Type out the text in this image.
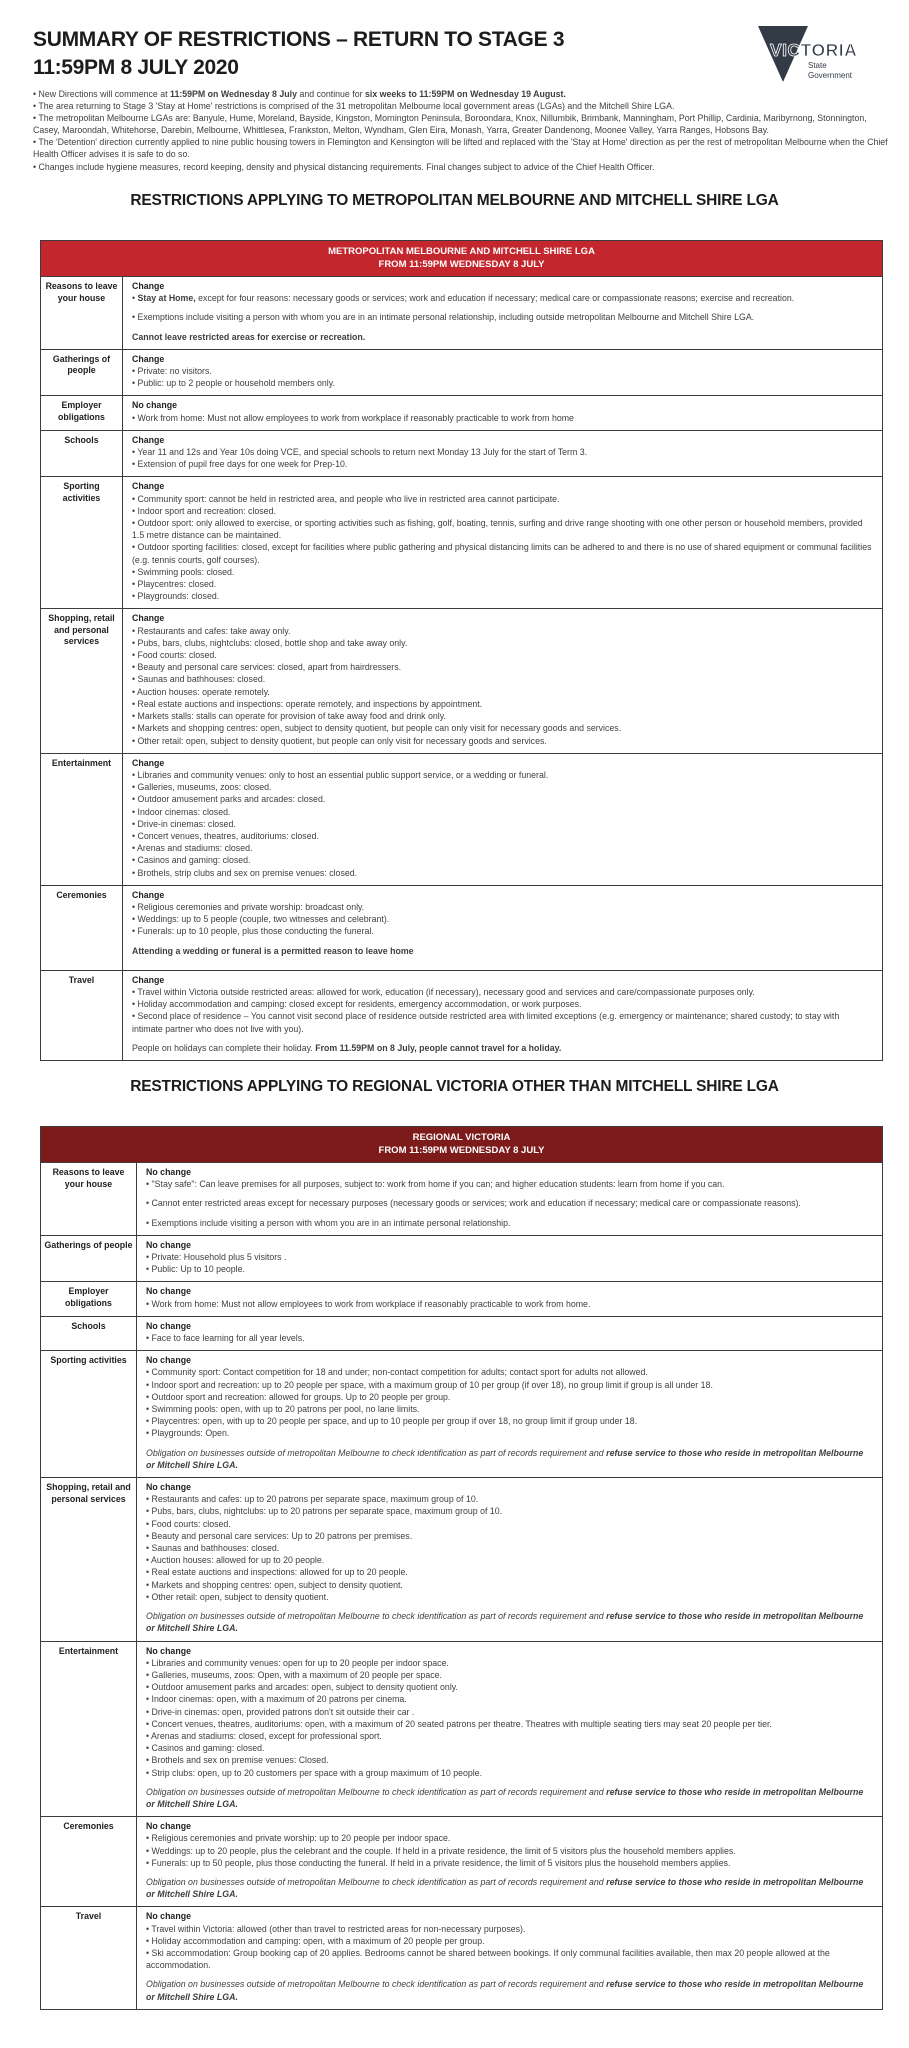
SUMMARY OF RESTRICTIONS – RETURN TO STAGE 3
11:59PM 8 JULY 2020
VICTORIA
State
Government
• New Directions will commence at 11:59PM on Wednesday 8 July and continue for six weeks to 11:59PM on Wednesday 19 August.
• The area returning to Stage 3 'Stay at Home' restrictions is comprised of the 31 metropolitan Melbourne local government areas (LGAs) and the Mitchell Shire LGA.
• The metropolitan Melbourne LGAs are: Banyule, Hume, Moreland, Bayside, Kingston, Mornington Peninsula, Boroondara, Knox, Nillumbik, Brimbank, Manningham, Port Phillip, Cardinia, Maribyrnong, Stonnington, Casey, Maroondah, Whitehorse, Darebin, Melbourne, Whittlesea, Frankston, Melton, Wyndham, Glen Eira, Monash, Yarra, Greater Dandenong, Moonee Valley, Yarra Ranges, Hobsons Bay.
• The 'Detention' direction currently applied to nine public housing towers in Flemington and Kensington will be lifted and replaced with the 'Stay at Home' direction as per the rest of metropolitan Melbourne when the Chief Health Officer advises it is safe to do so.
• Changes include hygiene measures, record keeping, density and physical distancing requirements. Final changes subject to advice of the Chief Health Officer.
RESTRICTIONS APPLYING TO METROPOLITAN MELBOURNE AND MITCHELL SHIRE LGA
METROPOLITAN MELBOURNE AND MITCHELL SHIRE LGA
FROM 11:59PM WEDNESDAY 8 JULY
Reasons to leave your house
Change
• Stay at Home, except for four reasons: necessary goods or services; work and education if necessary; medical care or compassionate reasons; exercise and recreation.
• Exemptions include visiting a person with whom you are in an intimate personal relationship, including outside metropolitan Melbourne and Mitchell Shire LGA.
Cannot leave restricted areas for exercise or recreation.
Gatherings of people
Change
• Private: no visitors.
• Public: up to 2 people or household members only.
Employer obligations
No change
• Work from home: Must not allow employees to work from workplace if reasonably practicable to work from home
Schools	Change
• Year 11 and 12s and Year 10s doing VCE, and special schools to return next Monday 13 July for the start of Term 3.
• Extension of pupil free days for one week for Prep-10.
Sporting activities
Change
• Community sport: cannot be held in restricted area, and people who live in restricted area cannot participate.
• Indoor sport and recreation: closed.
• Outdoor sport: only allowed to exercise, or sporting activities such as fishing, golf, boating, tennis, surfing and drive range shooting with one other person or household members, provided 1.5 metre distance can be maintained.
• Outdoor sporting facilities: closed, except for facilities where public gathering and physical distancing limits can be adhered to and there is no use of shared equipment or communal facilities (e.g. tennis courts, golf courses).
• Swimming pools: closed.
• Playcentres: closed.
• Playgrounds: closed.
Shopping, retail and personal services
Change
• Restaurants and cafes: take away only.
• Pubs, bars, clubs, nightclubs: closed, bottle shop and take away only.
• Food courts: closed.
• Beauty and personal care services: closed, apart from hairdressers.
• Saunas and bathhouses: closed.
• Auction houses: operate remotely.
• Real estate auctions and inspections: operate remotely, and inspections by appointment.
• Markets stalls: stalls can operate for provision of take away food and drink only.
• Markets and shopping centres: open, subject to density quotient, but people can only visit for necessary goods and services.
• Other retail: open, subject to density quotient, but people can only visit for necessary goods and services.
Entertainment	Change
• Libraries and community venues: only to host an essential public support service, or a wedding or funeral.
• Galleries, museums, zoos: closed.
• Outdoor amusement parks and arcades: closed.
• Indoor cinemas: closed.
• Drive-in cinemas: closed.
• Concert venues, theatres, auditoriums: closed.
• Arenas and stadiums: closed.
• Casinos and gaming: closed.
• Brothels, strip clubs and sex on premise venues: closed.
Ceremonies	Change
• Religious ceremonies and private worship: broadcast only.
• Weddings: up to 5 people (couple, two witnesses and celebrant).
• Funerals: up to 10 people, plus those conducting the funeral.
Attending a wedding or funeral is a permitted reason to leave home
Travel	Change
• Travel within Victoria outside restricted areas: allowed for work, education (if necessary), necessary good and services and care/compassionate purposes only.
• Holiday accommodation and camping: closed except for residents, emergency accommodation, or work purposes.
• Second place of residence – You cannot visit second place of residence outside restricted area with limited exceptions (e.g. emergency or maintenance; shared custody; to stay with intimate partner who does not live with you).
People on holidays can complete their holiday. From 11.59PM on 8 July, people cannot travel for a holiday.
RESTRICTIONS APPLYING TO REGIONAL VICTORIA OTHER THAN MITCHELL SHIRE LGA
REGIONAL VICTORIA
FROM 11:59PM WEDNESDAY 8 JULY
Reasons to leave your house
No change
• "Stay safe": Can leave premises for all purposes, subject to: work from home if you can; and higher education students: learn from home if you can.
• Cannot enter restricted areas except for necessary purposes (necessary goods or services; work and education if necessary; medical care or compassionate reasons).
• Exemptions include visiting a person with whom you are in an intimate personal relationship.
Gatherings of people	No change
• Private: Household plus 5 visitors .
• Public: Up to 10 people.
Employer obligations
No change
• Work from home: Must not allow employees to work from workplace if reasonably practicable to work from home.
Schools	No change
• Face to face learning for all year levels.
Sporting activities	No change
• Community sport: Contact competition for 18 and under; non-contact competition for adults; contact sport for adults not allowed.
• Indoor sport and recreation: up to 20 people per space, with a maximum group of 10 per group (if over 18), no group limit if group is all under 18.
• Outdoor sport and recreation: allowed for groups. Up to 20 people per group.
• Swimming pools: open, with up to 20 patrons per pool, no lane limits.
• Playcentres: open, with up to 20 people per space, and up to 10 people per group if over 18, no group limit if group under 18.
• Playgrounds: Open.
Obligation on businesses outside of metropolitan Melbourne to check identification as part of records requirement and refuse service to those who reside in metropolitan Melbourne or Mitchell Shire LGA.
Shopping, retail and personal services
No change
• Restaurants and cafes: up to 20 patrons per separate space, maximum group of 10.
• Pubs, bars, clubs, nightclubs: up to 20 patrons per separate space, maximum group of 10.
• Food courts: closed.
• Beauty and personal care services: Up to 20 patrons per premises.
• Saunas and bathhouses: closed.
• Auction houses: allowed for up to 20 people.
• Real estate auctions and inspections: allowed for up to 20 people.
• Markets and shopping centres: open, subject to density quotient.
• Other retail: open, subject to density quotient.
Obligation on businesses outside of metropolitan Melbourne to check identification as part of records requirement and refuse service to those who reside in metropolitan Melbourne or Mitchell Shire LGA.
Entertainment	No change
• Libraries and community venues: open for up to 20 people per indoor space.
• Galleries, museums, zoos: Open, with a maximum of 20 people per space.
• Outdoor amusement parks and arcades: open, subject to density quotient only.
• Indoor cinemas: open, with a maximum of 20 patrons per cinema.
• Drive-in cinemas: open, provided patrons don't sit outside their car .
• Concert venues, theatres, auditoriums: open, with a maximum of 20 seated patrons per theatre. Theatres with multiple seating tiers may seat 20 people per tier.
• Arenas and stadiums: closed, except for professional sport.
• Casinos and gaming: closed.
• Brothels and sex on premise venues: Closed.
• Strip clubs: open, up to 20 customers per space with a group maximum of 10 people.
Obligation on businesses outside of metropolitan Melbourne to check identification as part of records requirement and refuse service to those who reside in metropolitan Melbourne or Mitchell Shire LGA.
Ceremonies	No change
• Religious ceremonies and private worship: up to 20 people per indoor space.
• Weddings: up to 20 people, plus the celebrant and the couple. If held in a private residence, the limit of 5 visitors plus the household members applies.
• Funerals: up to 50 people, plus those conducting the funeral. If held in a private residence, the limit of 5 visitors plus the household members applies.
Obligation on businesses outside of metropolitan Melbourne to check identification as part of records requirement and refuse service to those who reside in metropolitan Melbourne or Mitchell Shire LGA.
Travel	No change
• Travel within Victoria: allowed (other than travel to restricted areas for non-necessary purposes).
• Holiday accommodation and camping: open, with a maximum of 20 people per group.
• Ski accommodation: Group booking cap of 20 applies. Bedrooms cannot be shared between bookings. If only communal facilities available, then max 20 people allowed at the accommodation.
Obligation on businesses outside of metropolitan Melbourne to check identification as part of records requirement and refuse service to those who reside in metropolitan Melbourne or Mitchell Shire LGA.
